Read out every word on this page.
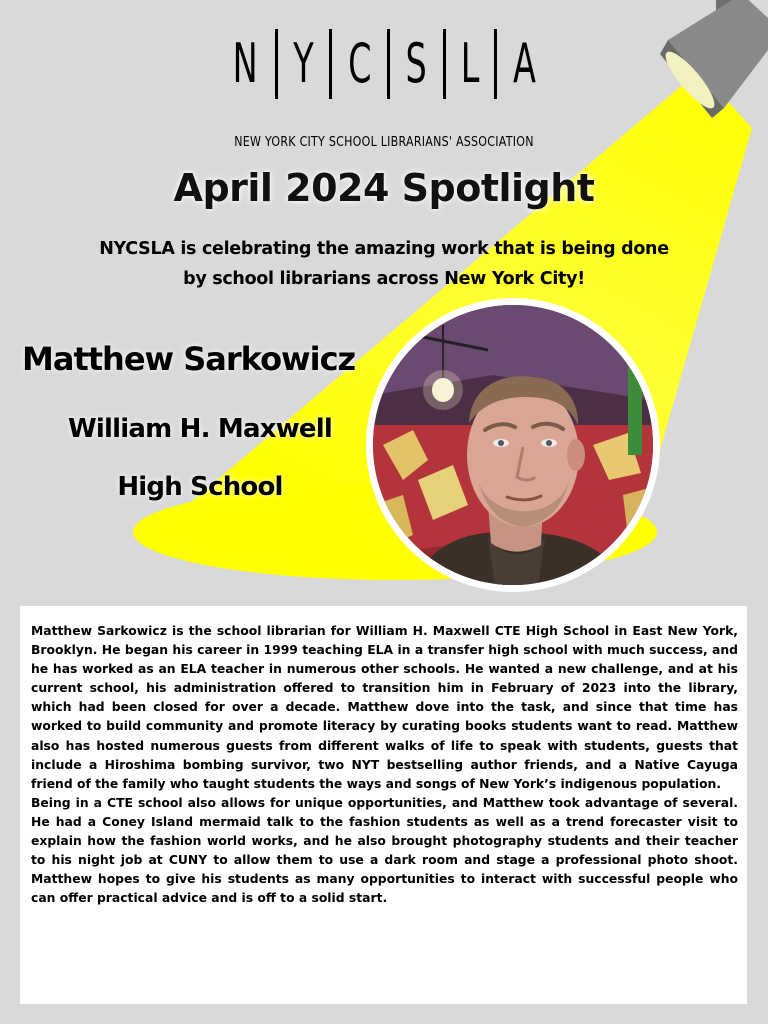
N Y C S L A
NEW YORK CITY SCHOOL LIBRARIANS' ASSOCIATION
April 2024 Spotlight
NYCSLA is celebrating the amazing work that is being done
by school librarians across New York City!
Matthew Sarkowicz
William H. Maxwell
High School

Matthew Sarkowicz is the school librarian for William H. Maxwell CTE High School in East New York, Brooklyn. He began his career in 1999 teaching ELA in a transfer high school with much success, and he has worked as an ELA teacher in numerous other schools. He wanted a new challenge, and at his current school, his administration offered to transition him in February of 2023 into the library, which had been closed for over a decade. Matthew dove into the task, and since that time has worked to build community and promote literacy by curating books students want to read. Matthew also has hosted numerous guests from different walks of life to speak with students, guests that include a Hiroshima bombing survivor, two NYT bestselling author friends, and a Native Cayuga friend of the family who taught students the ways and songs of New York’s indigenous population.

Being in a CTE school also allows for unique opportunities, and Matthew took advantage of several. He had a Coney Island mermaid talk to the fashion students as well as a trend forecaster visit to explain how the fashion world works, and he also brought photography students and their teacher to his night job at CUNY to allow them to use a dark room and stage a professional photo shoot. Matthew hopes to give his students as many opportunities to interact with successful people who can offer practical advice and is off to a solid start.
